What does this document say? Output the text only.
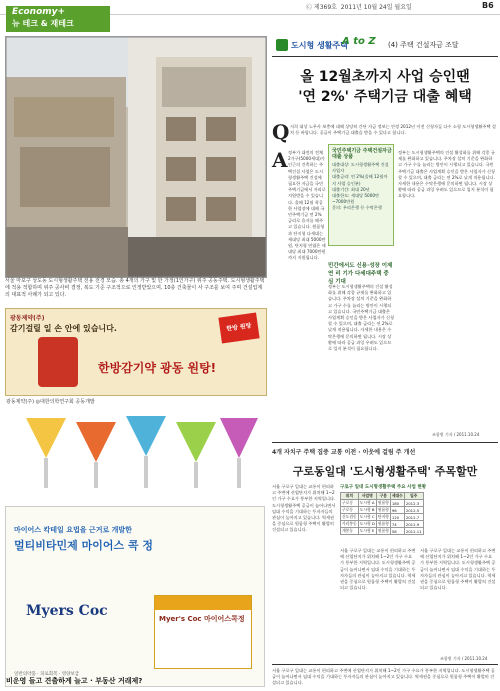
Ⓒ 제369호 2011년 10월 24일 월요일	B6
Economy+
뉴 테크 & 재테크
서울 마포구 상도동 도시형생활주택 전용 전경 모습. 총 4개의 가구 및 한 가정(1인가구) 위주 공동주택. 도시형생활주택에 적용 적합하며 위주 공사비 결정, 복도 기준 구조적으로 인정받았으며, 10층 건축물이 사 구조를 보여 주며 건설업계의 대표적 사례가 되고 있다.
광동제약(주)
감기걸릴 일 손 안에 있습니다.
한방감기약 광동 원탕!
한방 원탕
광동제약(주) ◎대한의학연구회 공동개발
마이어스 칵테일 요법을 근거로 개발한
멀티비타민제 마이어스 콕 정
Myers Coc	Myer's Coc 마이어스콕정
일반의약품 · 피로회복 · 영양보급
도시형 생활주택
A to Z (4) 주택 건설자금 조달
올 12월초까지 사업 승인땐
'연 2%' 주택기금 대출 혜택
Q 저희 대상 노무사 보충에 대해 상당히 간단 자금 정보는 안정 2012년 이전 신청자들 다수 소형 도시형생활주택 설치 등 바랍니다. 공급이 주택기금 대출을 받을 수 있다고 합니다.
A 정부가 대전의 전체 2가구(5000세대)가 인근의 건축하는 주택건설 사업은 도시형생활주택 건설에 필요한 자금을 국민주택기금에서 저리로 지원받을 수 있습니다. 올해 12월 착공한 사업장에 대해 국민주택기금 연 2% 금리로 융자를 해주고 있습니다. 원룸형과 단지형 다세대는 세대당 최대 5000만원, 단지형 연립은 세대당 최대 7000만원까지 지원됩니다.
국민주택기금 주택건설자금 대출 상품
대출대상: 도시형생활주택 건설 사업자
대출금리: 연 2%(올해 12월까지 사업 승인분)
대출기간: 최대 20년
대출한도: 세대당 5000만~7000만원
문의: 우리은행 등 수탁은행
민간에서도 신용·성장 이제 연 리 기가 다세대주택 중심 기대
정부는 도시형생활주택의 건설 활성화를 위해 각종 규제를 완화하고 있습니다. 주차장 설치 기준을 완화하고 가구 수를 늘리는 방안이 시행되고 있습니다. 국민주택기금 대출은 사업계획 승인을 받은 사업자가 신청할 수 있으며, 대출 금리는 연 2%로 낮게 적용됩니다. 자세한 내용은 수탁은행에 문의하면 됩니다. 시장 상황에 따라 공급 과잉 우려도 있으므로 입지 분석이 필요합니다.
정부는 도시형생활주택의 건설 활성화를 위해 각종 규제를 완화하고 있습니다. 주차장 설치 기준을 완화하고 가구 수를 늘리는 방안이 시행되고 있습니다. 국민주택기금 대출은 사업계획 승인을 받은 사업자가 신청할 수 있으며, 대출 금리는 연 2%로 낮게 적용됩니다. 자세한 내용은 수탁은행에 문의하면 됩니다. 시장 상황에 따라 공급 과잉 우려도 있으므로 입지 분석이 필요합니다.
조합원 기자 / 2011.10.24
4개 자치구 주택 집중 교통 이전 · 이웃에 걸림 주 개선
구로동일대 '도시형생활주택' 주목할만
서울 구로구 일대는 교통이 편리하고 주변에 산업단지가 위치해 1~2인 가구 수요가 풍부한 지역입니다. 도시형생활주택 공급이 늘어나면서 임대 수익을 기대하는 투자자들의 관심이 높아지고 있습니다. 역세권을 중심으로 원룸형 주택이 활발히 건설되고 있습니다.
구로구 일대 도시형생활주택 주요 사업 현황
위치	사업명	구분	세대수	입주
구로동	도시형 A	원룸형	180	2012.3
구로동	도시형 B	원룸형	96	2012.5
신도림동	도시형 C	단지형	120	2012.7
가리봉동	도시형 D	원룸형	74	2012.9
개봉동	도시형 E	원룸형	58	2012.11
서울 구로구 일대는 교통이 편리하고 주변에 산업단지가 위치해 1~2인 가구 수요가 풍부한 지역입니다. 도시형생활주택 공급이 늘어나면서 임대 수익을 기대하는 투자자들의 관심이 높아지고 있습니다. 역세권을 중심으로 원룸형 주택이 활발히 건설되고 있습니다.
서울 구로구 일대는 교통이 편리하고 주변에 산업단지가 위치해 1~2인 가구 수요가 풍부한 지역입니다. 도시형생활주택 공급이 늘어나면서 임대 수익을 기대하는 투자자들의 관심이 높아지고 있습니다. 역세권을 중심으로 원룸형 주택이 활발히 건설되고 있습니다.
조합원 기자 / 2011.10.24
서울 구로구 일대는 교통이 편리하고 주변에 산업단지가 위치해 1~2인 가구 수요가 풍부한 지역입니다. 도시형생활주택 공급이 늘어나면서 임대 수익을 기대하는 투자자들의 관심이 높아지고 있습니다. 역세권을 중심으로 원룸형 주택이 활발히 건설되고 있습니다.
비운영 들고 견출하게 늘고 · 부동산 거래제?
